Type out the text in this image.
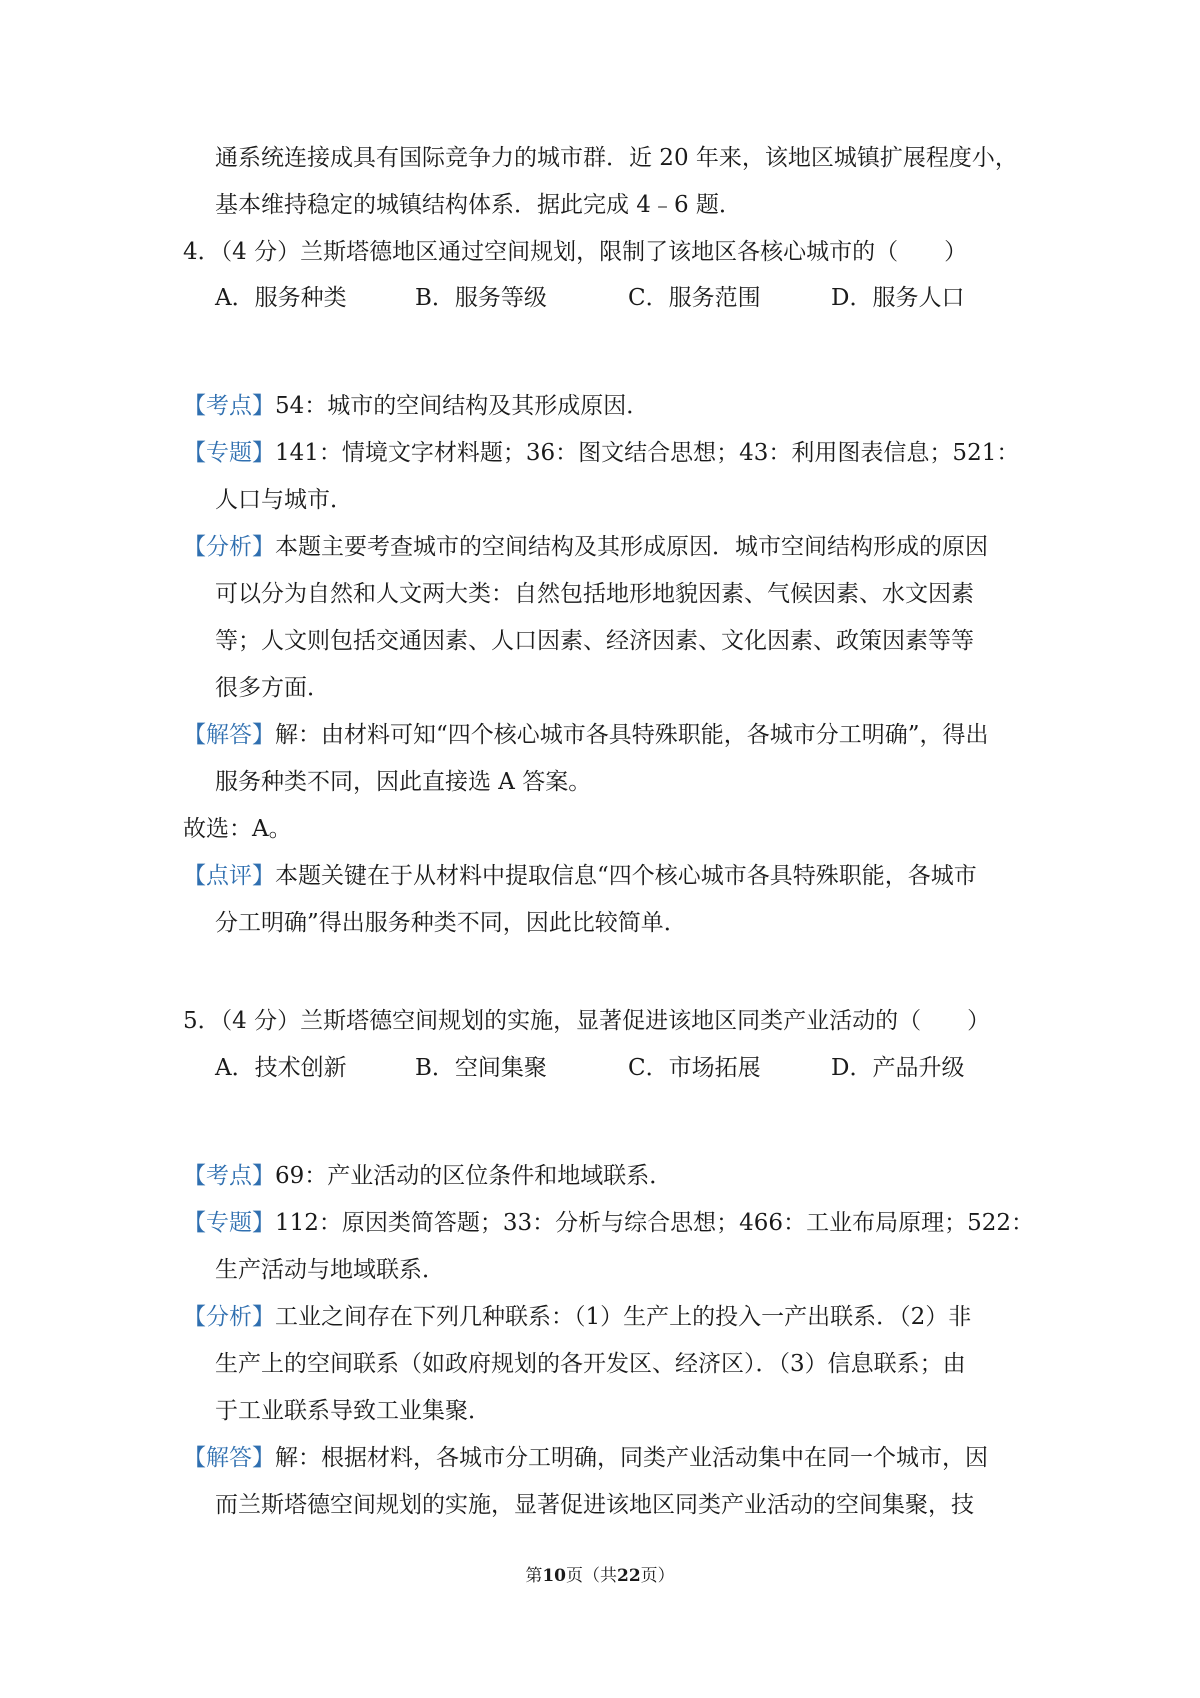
通系统连接成具有国际竞争力的城市群．近 20 年来，该地区城镇扩展程度小，
基本维持稳定的城镇结构体系．据此完成 4﹣6 题．
4．（4 分）兰斯塔德地区通过空间规划，限制了该地区各核心城市的（　　）
A．服务种类	B．服务等级	C．服务范围	D．服务人口
【考点】54：城市的空间结构及其形成原因．
【专题】141：情境文字材料题；36：图文结合思想；43：利用图表信息；521：
人口与城市．
【分析】本题主要考查城市的空间结构及其形成原因．城市空间结构形成的原因
可以分为自然和人文两大类：自然包括地形地貌因素、气候因素、水文因素
等；人文则包括交通因素、人口因素、经济因素、文化因素、政策因素等等
很多方面．
【解答】解：由材料可知“四个核心城市各具特殊职能，各城市分工明确”，得出
服务种类不同，因此直接选 A 答案。
故选：A。
【点评】本题关键在于从材料中提取信息“四个核心城市各具特殊职能，各城市
分工明确”得出服务种类不同，因此比较简单．
5．（4 分）兰斯塔德空间规划的实施，显著促进该地区同类产业活动的（　　）
A．技术创新	B．空间集聚	C．市场拓展	D．产品升级
【考点】69：产业活动的区位条件和地域联系．
【专题】112：原因类简答题；33：分析与综合思想；466：工业布局原理；522：
生产活动与地域联系．
【分析】工业之间存在下列几种联系：（1）生产上的投入一产出联系．（2）非
生产上的空间联系（如政府规划的各开发区、经济区）．（3）信息联系；由
于工业联系导致工业集聚．
【解答】解：根据材料，各城市分工明确，同类产业活动集中在同一个城市，因
而兰斯塔德空间规划的实施，显著促进该地区同类产业活动的空间集聚，技
第10页（共22页）
